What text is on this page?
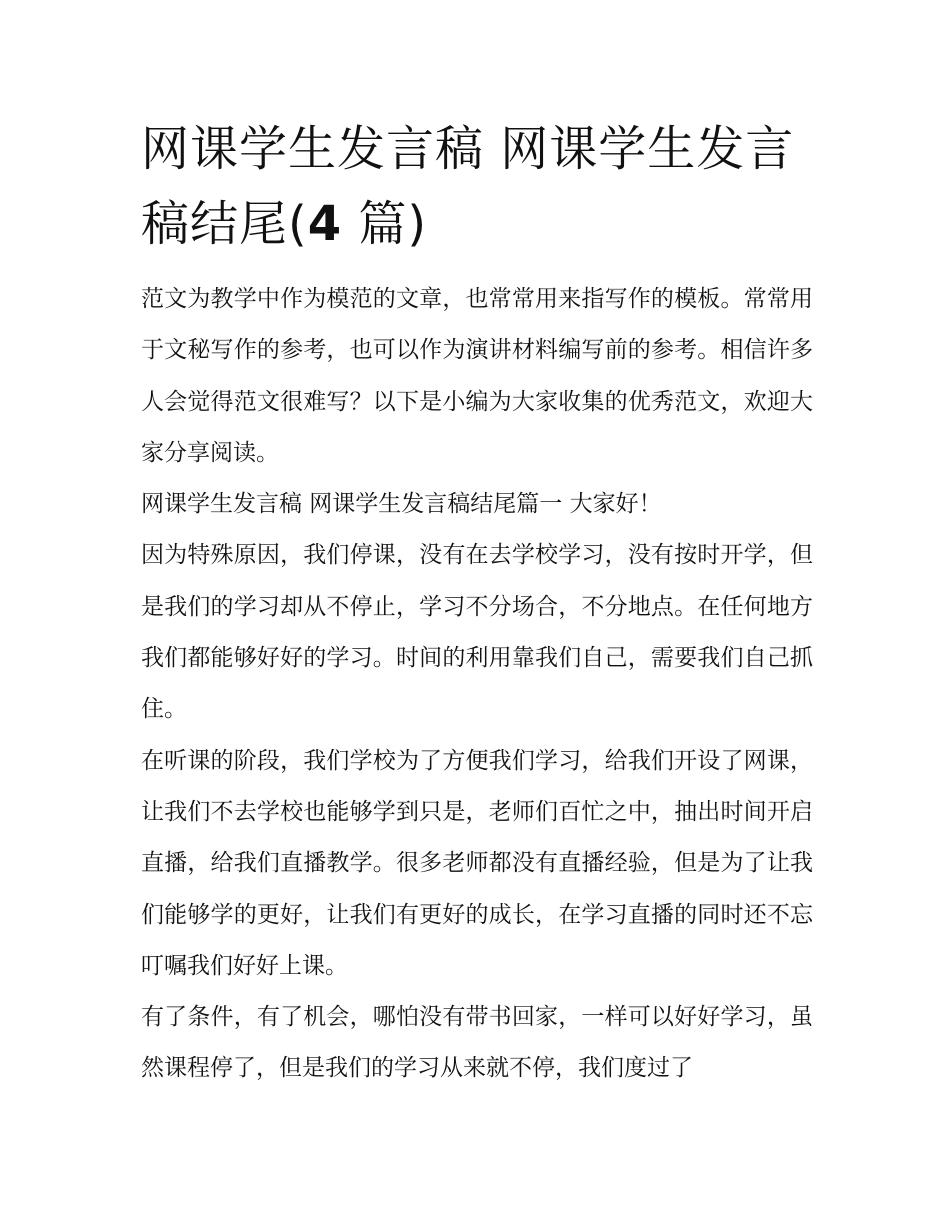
网课学生发言稿 网课学生发言
稿结尾(4 篇)

范文为教学中作为模范的文章，也常常用来指写作的模板。常常用于文秘写作的参考，也可以作为演讲材料编写前的参考。相信许多人会觉得范文很难写？以下是小编为大家收集的优秀范文，欢迎大家分享阅读。

网课学生发言稿 网课学生发言稿结尾篇一 大家好！

因为特殊原因，我们停课，没有在去学校学习，没有按时开学，但是我们的学习却从不停止，学习不分场合，不分地点。在任何地方我们都能够好好的学习。时间的利用靠我们自己，需要我们自己抓住。

在听课的阶段，我们学校为了方便我们学习，给我们开设了网课，让我们不去学校也能够学到只是，老师们百忙之中，抽出时间开启直播，给我们直播教学。很多老师都没有直播经验，但是为了让我们能够学的更好，让我们有更好的成长，在学习直播的同时还不忘叮嘱我们好好上课。

有了条件，有了机会，哪怕没有带书回家，一样可以好好学习，虽然课程停了，但是我们的学习从来就不停，我们度过了
